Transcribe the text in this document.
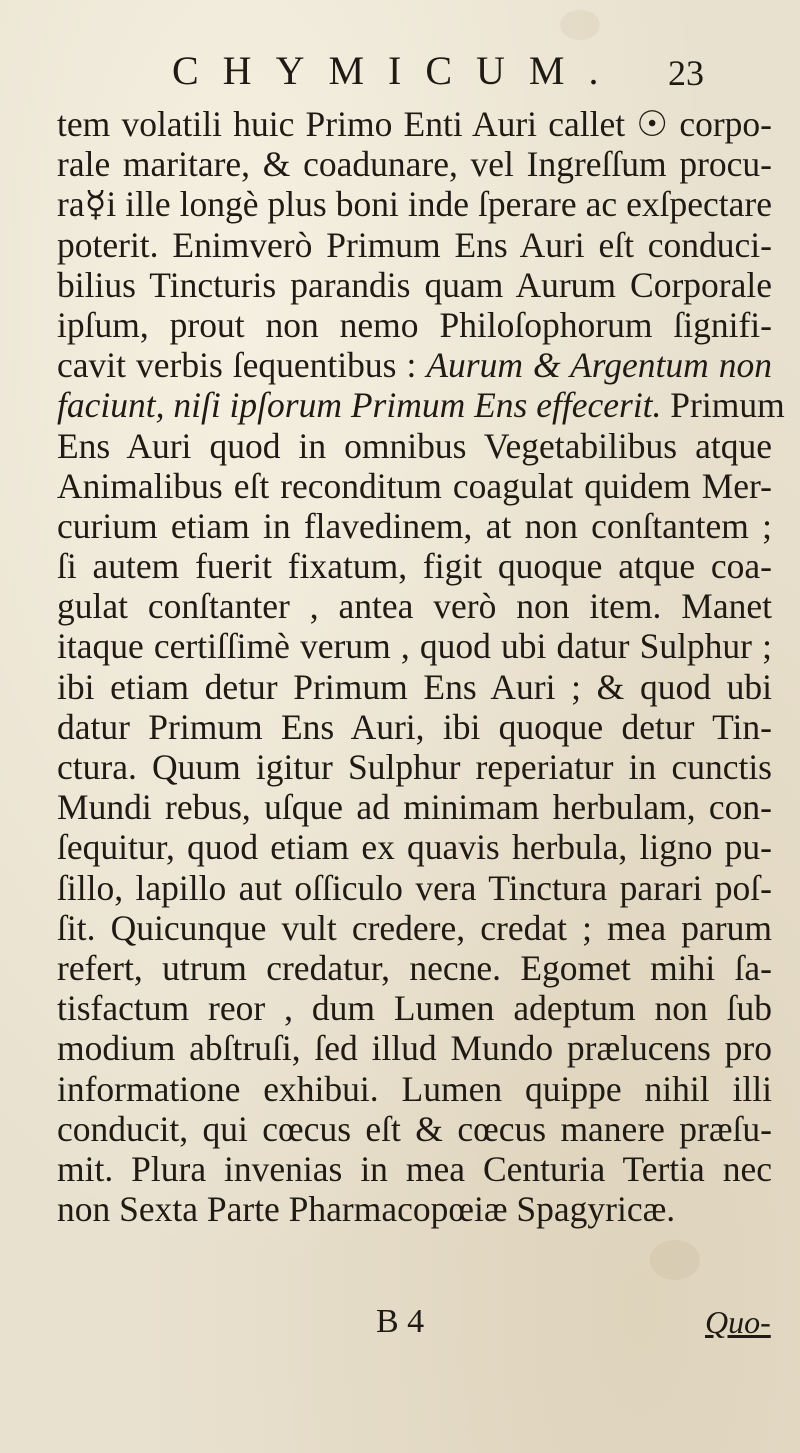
CHYMICUM. 23
tem volatili huic Primo Enti Auri callet ☉ corpo-
rale maritare, & coadunare, vel Ingreſſum procu-
ra☿i ille longè plus boni inde ſperare ac exſpectare
poterit. Enimverò Primum Ens Auri eſt conduci-
bilius Tincturis parandis quam Aurum Corporale
ipſum, prout non nemo Philoſophorum ſignifi-
cavit verbis ſequentibus : Aurum & Argentum non
faciunt, niſi ipſorum Primum Ens effecerit. Primum
Ens Auri quod in omnibus Vegetabilibus atque
Animalibus eſt reconditum coagulat quidem Mer-
curium etiam in flavedinem, at non conſtantem ;
ſi autem fuerit fixatum, figit quoque atque coa-
gulat conſtanter , antea verò non item. Manet
itaque certiſſimè verum , quod ubi datur Sulphur ;
ibi etiam detur Primum Ens Auri ; & quod ubi
datur Primum Ens Auri, ibi quoque detur Tin-
ctura. Quum igitur Sulphur reperiatur in cunctis
Mundi rebus, uſque ad minimam herbulam, con-
ſequitur, quod etiam ex quavis herbula, ligno pu-
ſillo, lapillo aut oſſiculo vera Tinctura parari poſ-
ſit. Quicunque vult credere, credat ; mea parum
refert, utrum credatur, necne. Egomet mihi ſa-
tisfactum reor , dum Lumen adeptum non ſub
modium abſtruſi, ſed illud Mundo prælucens pro
informatione exhibui. Lumen quippe nihil illi
conducit, qui cœcus eſt & cœcus manere præſu-
mit. Plura invenias in mea Centuria Tertia nec
non Sexta Parte Pharmacopœiæ Spagyricæ.
B 4	Quo-
